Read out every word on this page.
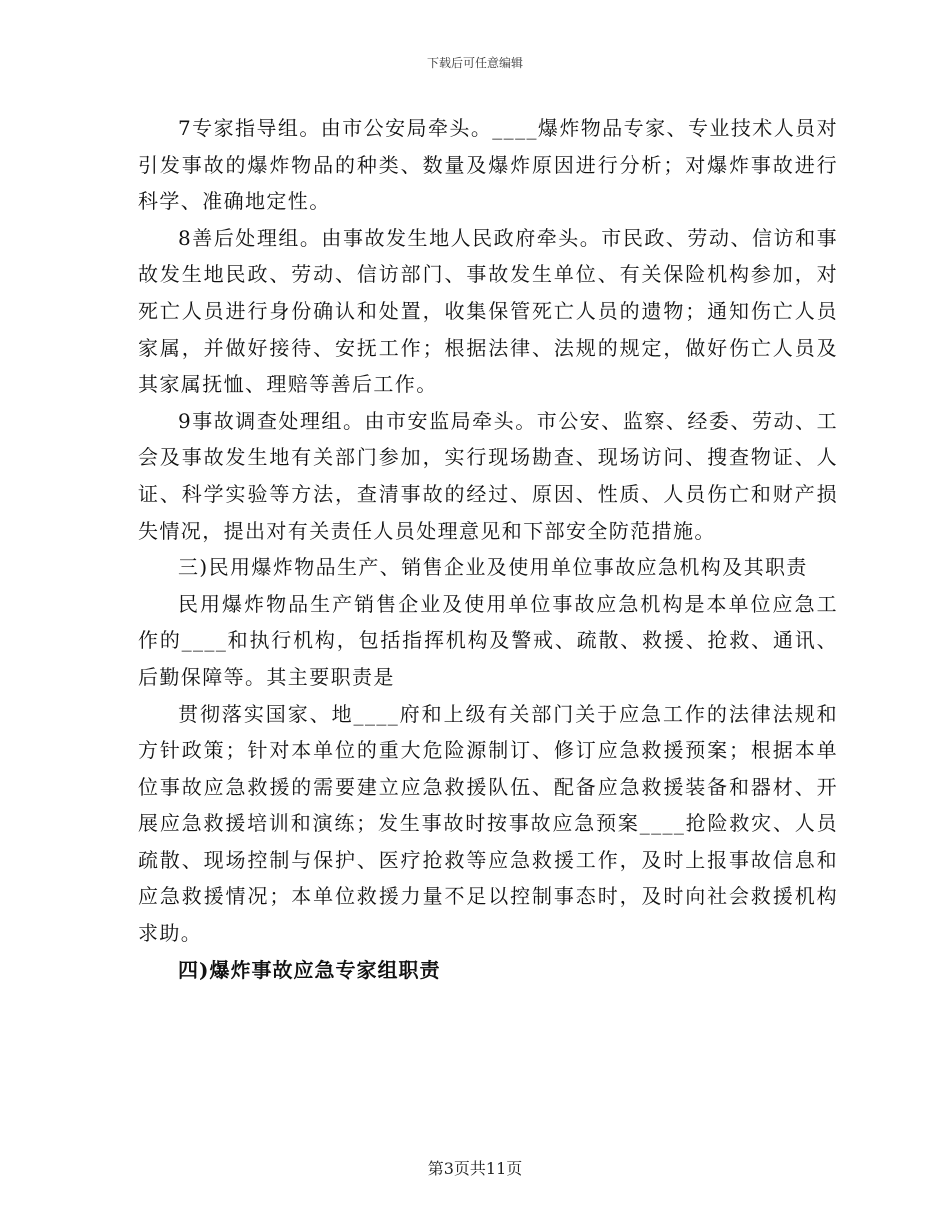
下载后可任意编辑

7专家指导组。由市公安局牵头。____爆炸物品专家、专业技术人员对引发事故的爆炸物品的种类、数量及爆炸原因进行分析；对爆炸事故进行科学、准确地定性。

8善后处理组。由事故发生地人民政府牵头。市民政、劳动、信访和事故发生地民政、劳动、信访部门、事故发生单位、有关保险机构参加，对死亡人员进行身份确认和处置，收集保管死亡人员的遗物；通知伤亡人员家属，并做好接待、安抚工作；根据法律、法规的规定，做好伤亡人员及其家属抚恤、理赔等善后工作。

9事故调查处理组。由市安监局牵头。市公安、监察、经委、劳动、工会及事故发生地有关部门参加，实行现场勘查、现场访问、搜查物证、人证、科学实验等方法，查清事故的经过、原因、性质、人员伤亡和财产损失情况，提出对有关责任人员处理意见和下部安全防范措施。

三)民用爆炸物品生产、销售企业及使用单位事故应急机构及其职责

民用爆炸物品生产销售企业及使用单位事故应急机构是本单位应急工作的____和执行机构，包括指挥机构及警戒、疏散、救援、抢救、通讯、后勤保障等。其主要职责是

贯彻落实国家、地____府和上级有关部门关于应急工作的法律法规和方针政策；针对本单位的重大危险源制订、修订应急救援预案；根据本单位事故应急救援的需要建立应急救援队伍、配备应急救援装备和器材、开展应急救援培训和演练；发生事故时按事故应急预案____抢险救灾、人员疏散、现场控制与保护、医疗抢救等应急救援工作，及时上报事故信息和应急救援情况；本单位救援力量不足以控制事态时，及时向社会救援机构求助。

四)爆炸事故应急专家组职责

第3页共11页
